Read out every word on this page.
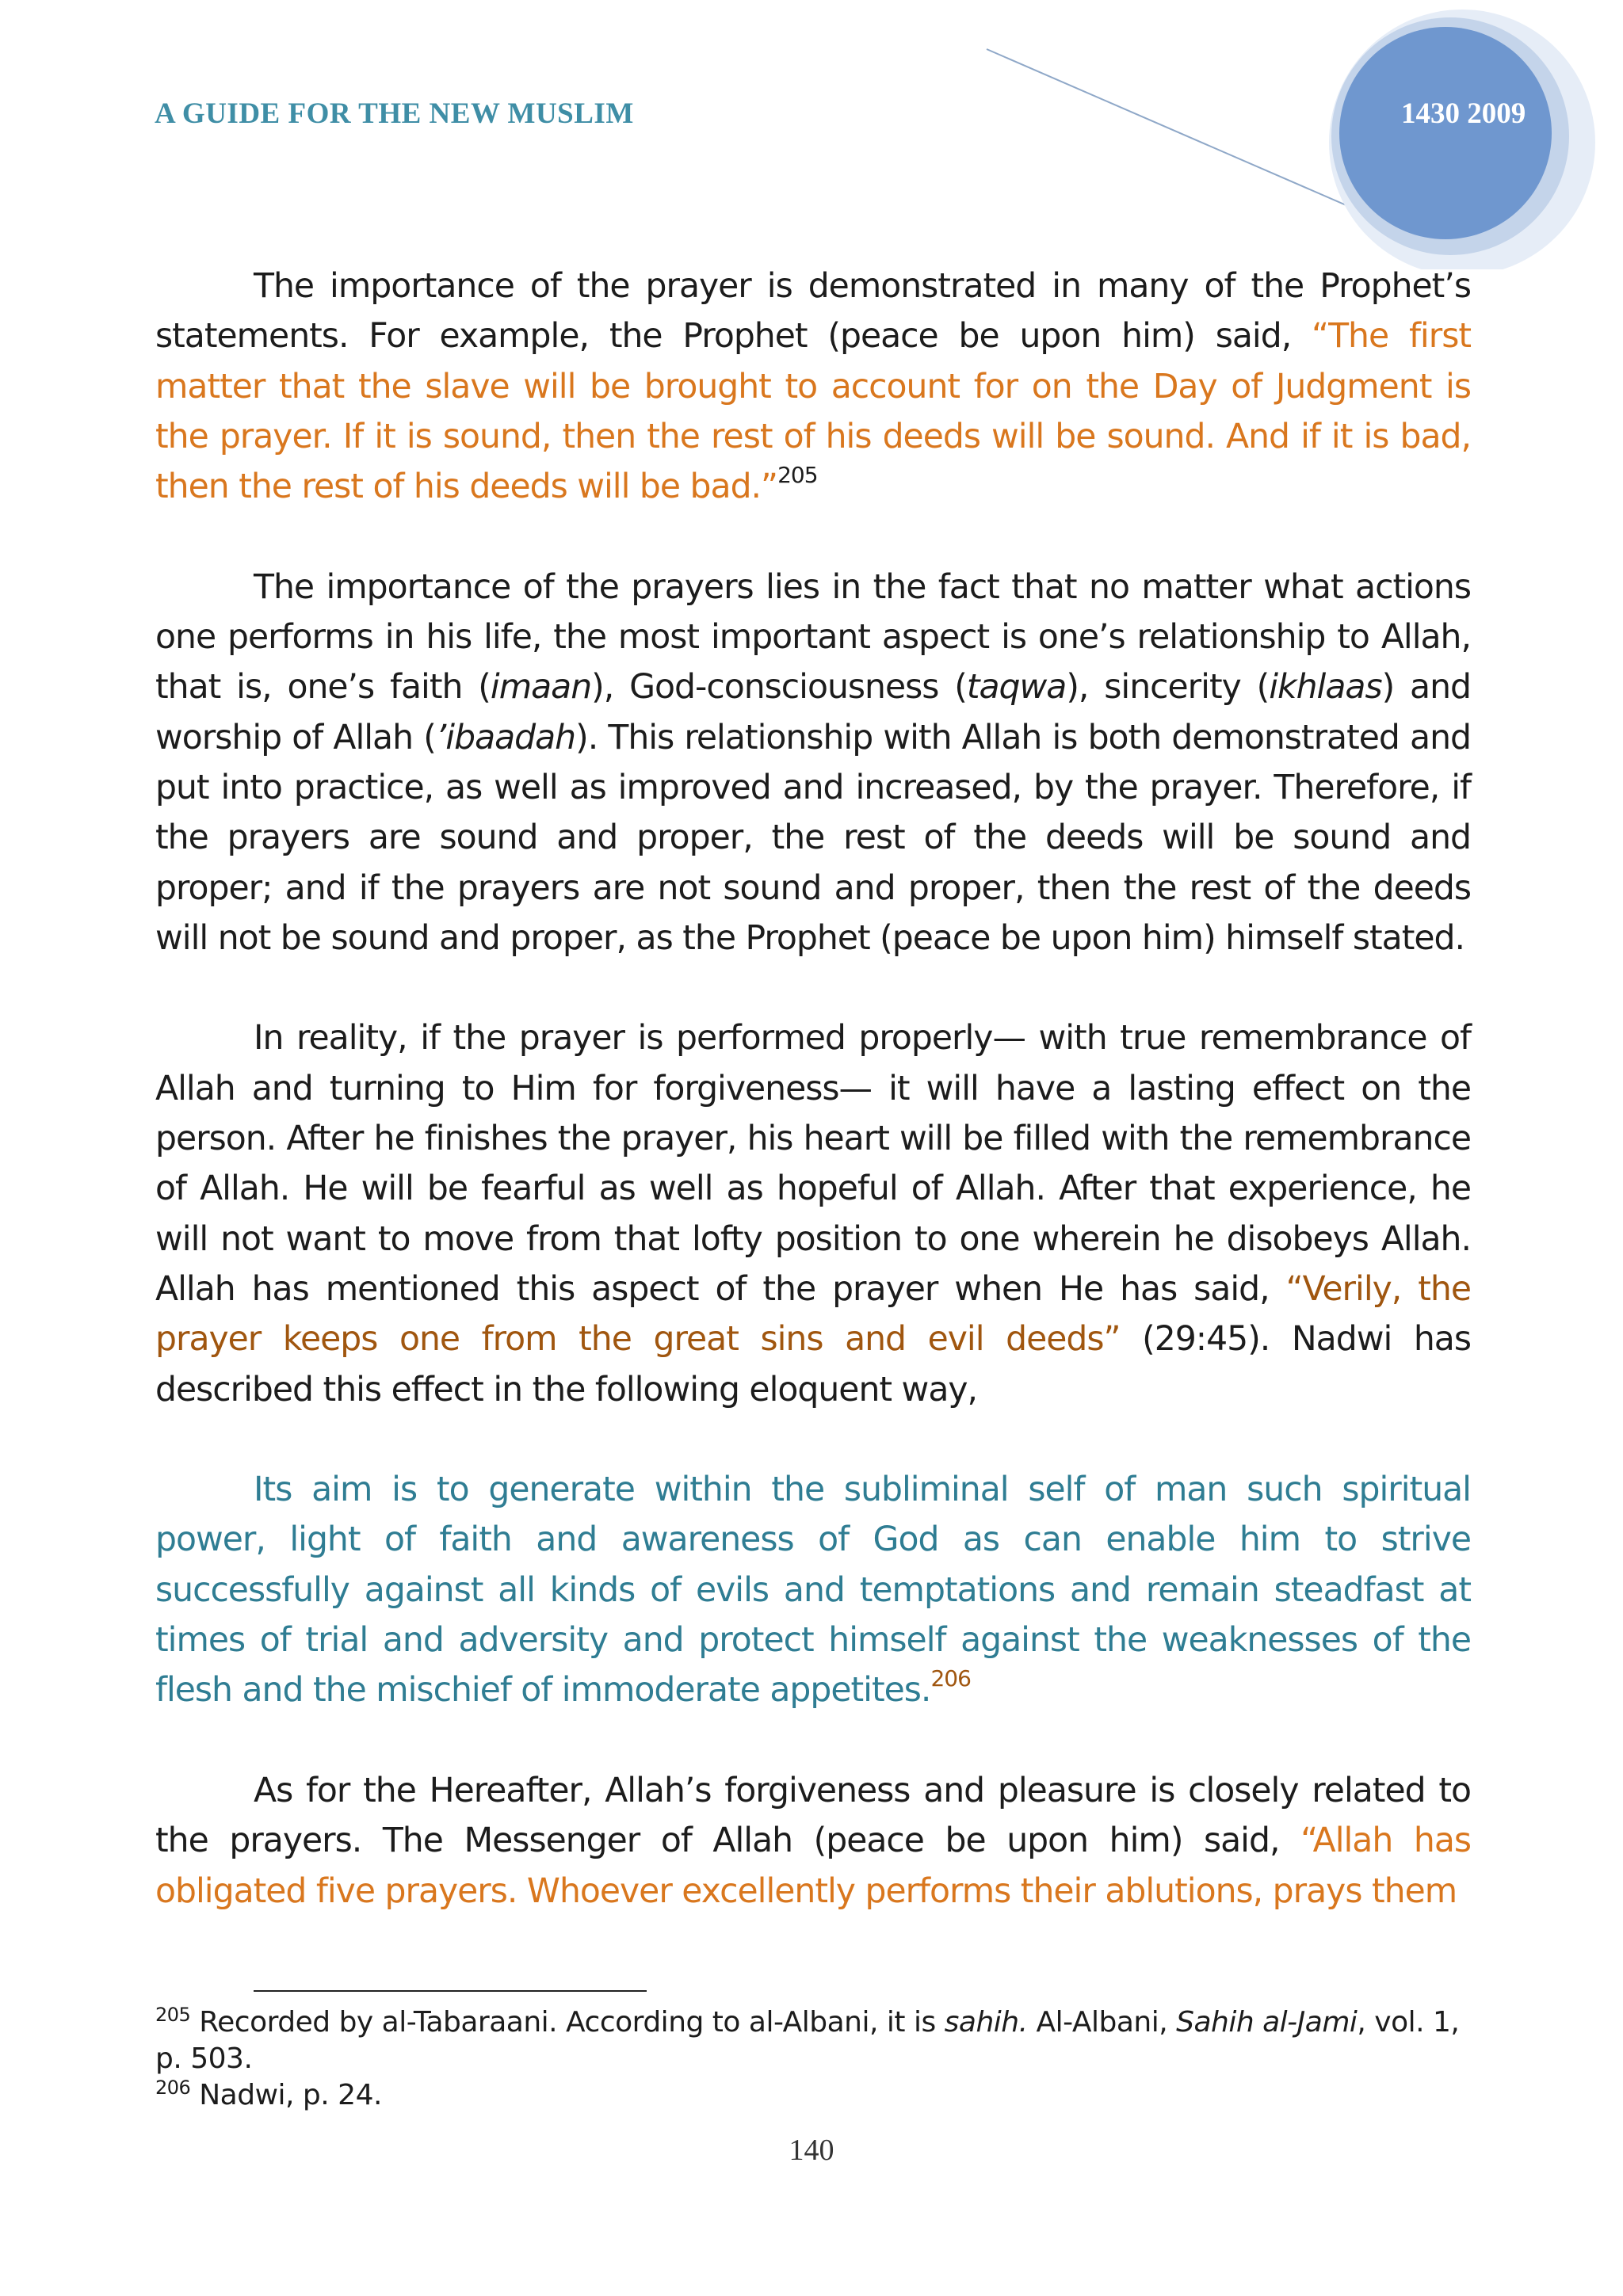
A GUIDE FOR THE NEW MUSLIM	1430 2009

The importance of the prayer is demonstrated in many of the Prophet’s statements. For example, the Prophet (peace be upon him) said, “The first matter that the slave will be brought to account for on the Day of Judgment is the prayer. If it is sound, then the rest of his deeds will be sound. And if it is bad, then the rest of his deeds will be bad.”$^{205}$

The importance of the prayers lies in the fact that no matter what actions one performs in his life, the most important aspect is one’s relationship to Allah, that is, one’s faith (imaan), God-consciousness (taqwa), sincerity (ikhlaas) and worship of Allah (’ibaadah). This relationship with Allah is both demonstrated and put into practice, as well as improved and increased, by the prayer. Therefore, if the prayers are sound and proper, the rest of the deeds will be sound and proper; and if the prayers are not sound and proper, then the rest of the deeds will not be sound and proper, as the Prophet (peace be upon him) himself stated.

In reality, if the prayer is performed properly— with true remembrance of Allah and turning to Him for forgiveness— it will have a lasting effect on the person. After he finishes the prayer, his heart will be filled with the remembrance of Allah. He will be fearful as well as hopeful of Allah. After that experience, he will not want to move from that lofty position to one wherein he disobeys Allah. Allah has mentioned this aspect of the prayer when He has said, “Verily, the prayer keeps one from the great sins and evil deeds” (29:45). Nadwi has described this effect in the following eloquent way,

Its aim is to generate within the subliminal self of man such spiritual power, light of faith and awareness of God as can enable him to strive successfully against all kinds of evils and temptations and remain steadfast at times of trial and adversity and protect himself against the weaknesses of the flesh and the mischief of immoderate appetites.$^{206}$

As for the Hereafter, Allah’s forgiveness and pleasure is closely related to the prayers. The Messenger of Allah (peace be upon him) said, “Allah has obligated five prayers. Whoever excellently performs their ablutions, prays them

$^{205}$ Recorded by al-Tabaraani. According to al-Albani, it is sahih. Al-Albani, Sahih al-Jami, vol. 1, p. 503.

$^{206}$ Nadwi, p. 24.

140
